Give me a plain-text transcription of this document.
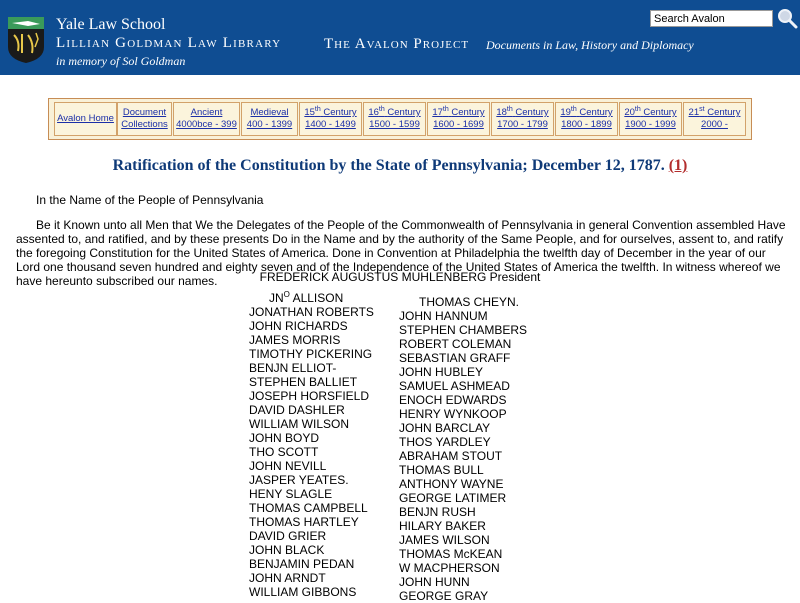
Yale Law School
Lillian Goldman Law Library
in memory of Sol Goldman
The Avalon Project Documents in Law, History and Diplomacy
Search Avalon
Avalon Home
Document
Collections
Ancient
4000bce - 399
Medieval
400 - 1399
15th Century
1400 - 1499
16th Century
1500 - 1599
17th Century
1600 - 1699
18th Century
1700 - 1799
19th Century
1800 - 1899
20th Century
1900 - 1999
21st Century
2000 -
Ratification of the Constitution by the State of Pennsylvania; December 12, 1787. (1)
In the Name of the People of Pennsylvania
Be it Known unto all Men that We the Delegates of the People of the Commonwealth of Pennsylvania in general Convention assembled Have assented to, and ratified, and by these presents Do in the Name and by the authority of the Same People, and for ourselves, assent to, and ratify the foregoing Constitution for the United States of America. Done in Convention at Philadelphia the twelfth day of December in the year of our Lord one thousand seven hundred and eighty seven and of the Independence of the United States of America the twelfth. In witness whereof we have hereunto subscribed our names.	FREDERICK AUGUSTUS MUHLENBERG President
$JN^O$ ALLISON
JONATHAN ROBERTS
JOHN RICHARDS
JAMES MORRIS
TIMOTHY PICKERING
BENJN ELLIOT-
STEPHEN BALLIET
JOSEPH HORSFIELD
DAVID DASHLER
WILLIAM WILSON
JOHN BOYD
THO SCOTT
JOHN NEVILL
JASPER YEATES.
HENY SLAGLE
THOMAS CAMPBELL
THOMAS HARTLEY
DAVID GRIER
JOHN BLACK
BENJAMIN PEDAN
JOHN ARNDT
WILLIAM GIBBONS
THOMAS CHEYN.
JOHN HANNUM
STEPHEN CHAMBERS
ROBERT COLEMAN
SEBASTIAN GRAFF
JOHN HUBLEY
SAMUEL ASHMEAD
ENOCH EDWARDS
HENRY WYNKOOP
JOHN BARCLAY
THOS YARDLEY
ABRAHAM STOUT
THOMAS BULL
ANTHONY WAYNE
GEORGE LATIMER
BENJN RUSH
HILARY BAKER
JAMES WILSON
THOMAS McKEAN
W MACPHERSON
JOHN HUNN
GEORGE GRAY
